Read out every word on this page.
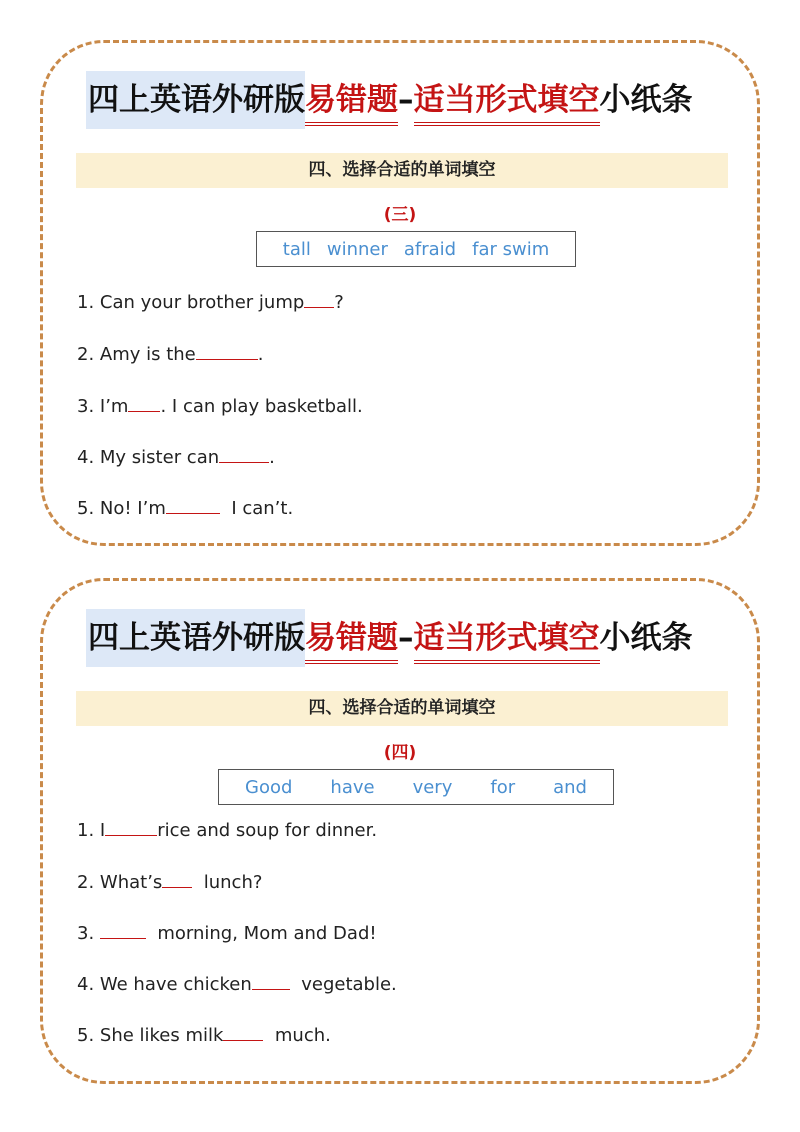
四上英语外研版易错题–适当形式填空小纸条
四、选择合适的单词填空
(三)
tall winner afraid far swim
1. Can your brother jump ?
2. Amy is the	.
3. I’m . I can play basketball.
4. My sister can	.
5. No! I’m	I can’t.
四上英语外研版易错题–适当形式填空小纸条
四、选择合适的单词填空
(四)
Good have very for and
1. I	rice and soup for dinner.
2. What’s  lunch?
3.	morning, Mom and Dad!
4. We have chicken  vegetable.
5. She likes milk  much.
